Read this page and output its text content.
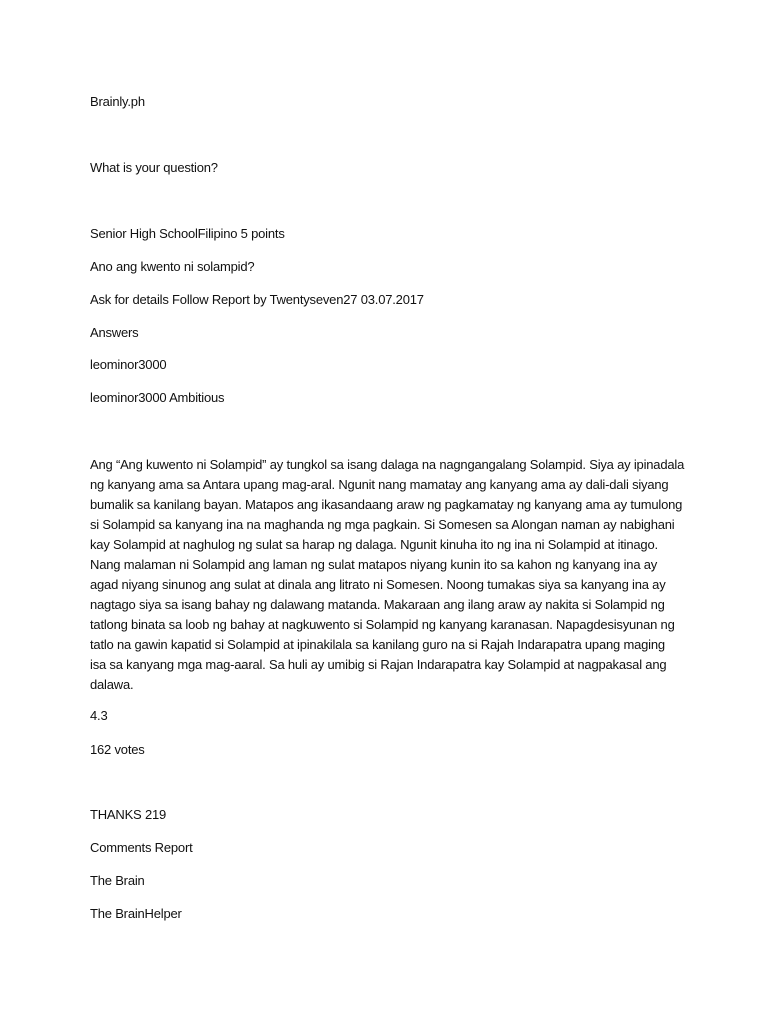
Brainly.ph
What is your question?
Senior High SchoolFilipino 5 points
Ano ang kwento ni solampid?
Ask for details Follow Report by Twentyseven27 03.07.2017
Answers
leominor3000
leominor3000 Ambitious
Ang “Ang kuwento ni Solampid” ay tungkol sa isang dalaga na nagngangalang Solampid. Siya ay ipinadala
ng kanyang ama sa Antara upang mag-aral. Ngunit nang mamatay ang kanyang ama ay dali-dali siyang
bumalik sa kanilang bayan. Matapos ang ikasandaang araw ng pagkamatay ng kanyang ama ay tumulong
si Solampid sa kanyang ina na maghanda ng mga pagkain. Si Somesen sa Alongan naman ay nabighani
kay Solampid at naghulog ng sulat sa harap ng dalaga. Ngunit kinuha ito ng ina ni Solampid at itinago.
Nang malaman ni Solampid ang laman ng sulat matapos niyang kunin ito sa kahon ng kanyang ina ay
agad niyang sinunog ang sulat at dinala ang litrato ni Somesen. Noong tumakas siya sa kanyang ina ay
nagtago siya sa isang bahay ng dalawang matanda. Makaraan ang ilang araw ay nakita si Solampid ng
tatlong binata sa loob ng bahay at nagkuwento si Solampid ng kanyang karanasan. Napagdesisyunan ng
tatlo na gawin kapatid si Solampid at ipinakilala sa kanilang guro na si Rajah Indarapatra upang maging
isa sa kanyang mga mag-aaral. Sa huli ay umibig si Rajan Indarapatra kay Solampid at nagpakasal ang
dalawa.
4.3
162 votes
THANKS 219
Comments Report
The Brain
The BrainHelper
